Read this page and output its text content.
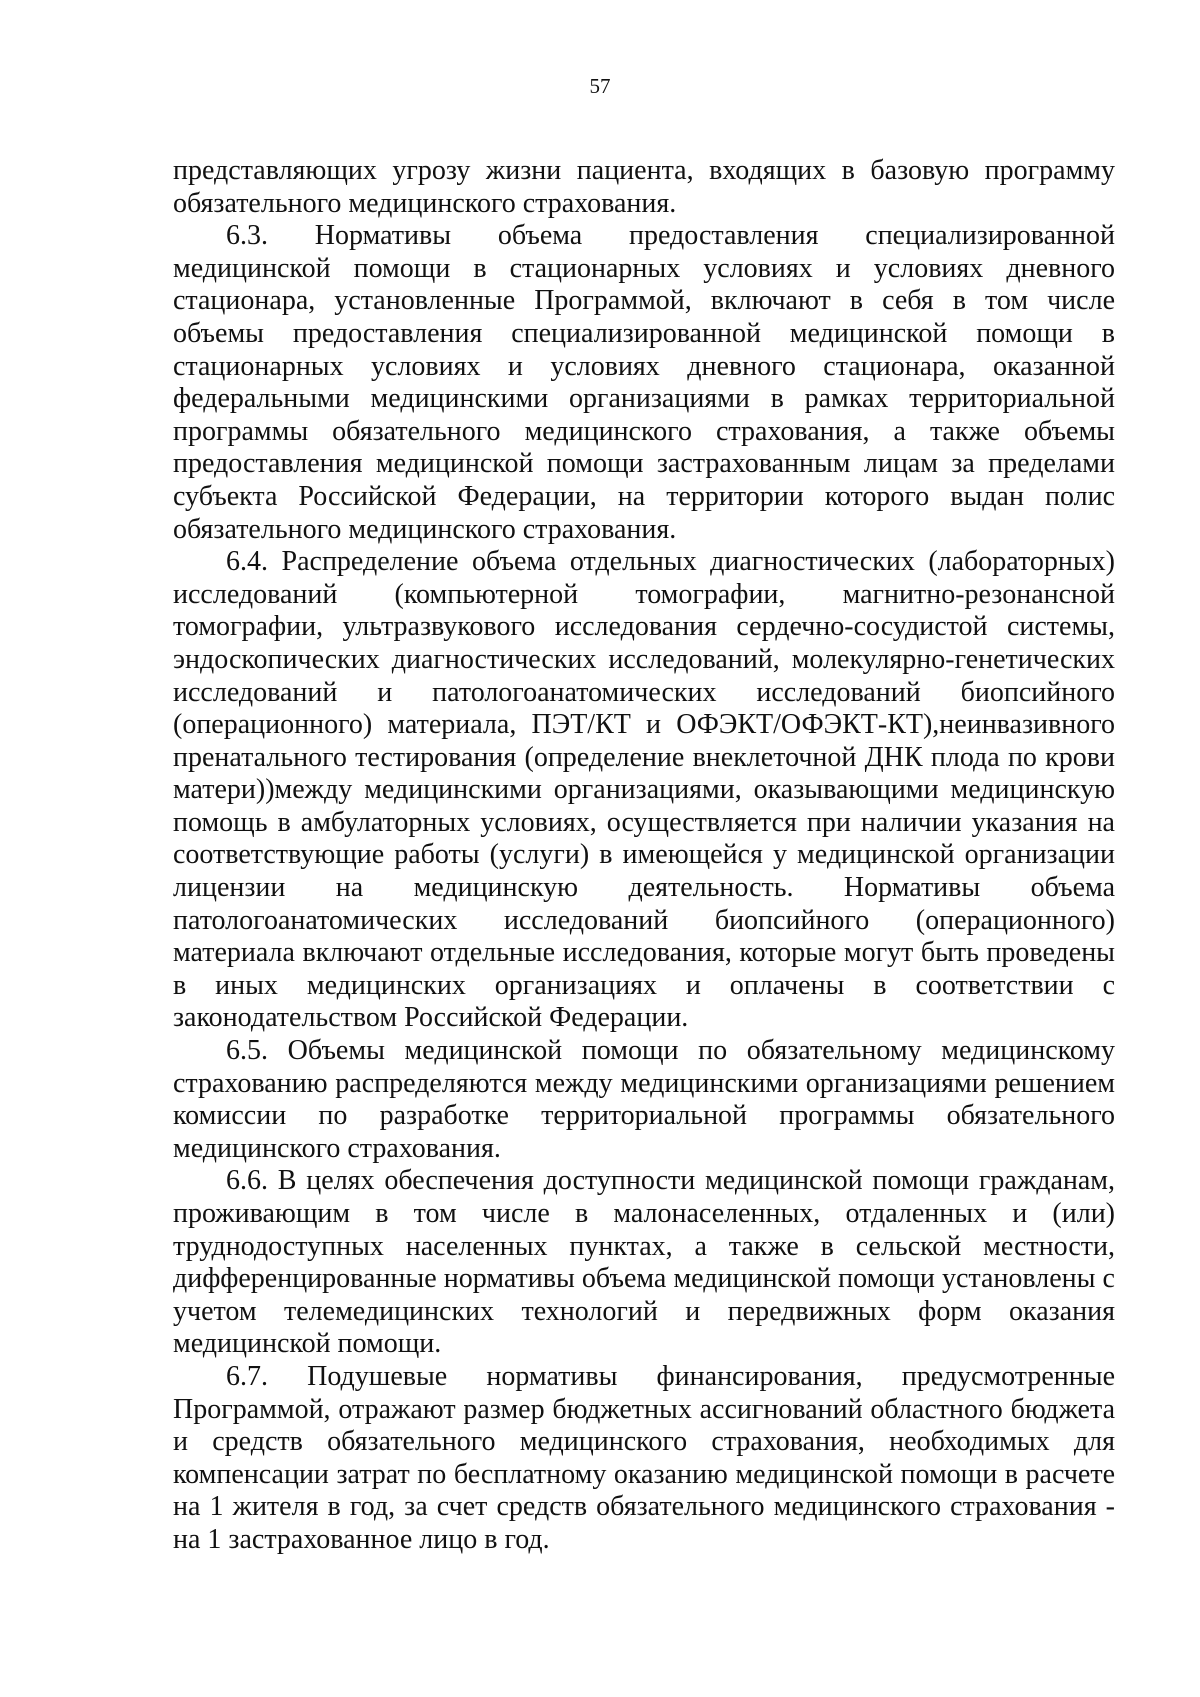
57

представляющих угрозу жизни пациента, входящих в базовую программу обязательного медицинского страхования.

6.3. Нормативы объема предоставления специализированной медицинской помощи в стационарных условиях и условиях дневного стационара, установленные Программой, включают в себя в том числе объемы предоставления специализированной медицинской помощи в стационарных условиях и условиях дневного стационара, оказанной федеральными медицинскими организациями в рамках территориальной программы обязательного медицинского страхования, а также объемы предоставления медицинской помощи застрахованным лицам за пределами субъекта Российской Федерации, на территории которого выдан полис обязательного медицинского страхования.

6.4. Распределение объема отдельных диагностических (лабораторных) исследований (компьютерной томографии, магнитно-резонансной томографии, ультразвукового исследования сердечно-сосудистой системы, эндоскопических диагностических исследований, молекулярно-генетических исследований и патологоанатомических исследований биопсийного (операционного) материала, ПЭТ/КТ и ОФЭКТ/ОФЭКТ-КТ),неинвазивного пренатального тестирования (определение внеклеточной ДНК плода по крови матери))между медицинскими организациями, оказывающими медицинскую помощь в амбулаторных условиях, осуществляется при наличии указания на соответствующие работы (услуги) в имеющейся у медицинской организации лицензии на медицинскую деятельность. Нормативы объема патологоанатомических исследований биопсийного (операционного) материала включают отдельные исследования, которые могут быть проведены в иных медицинских организациях и оплачены в соответствии с законодательством Российской Федерации.

6.5. Объемы медицинской помощи по обязательному медицинскому страхованию распределяются между медицинскими организациями решением комиссии по разработке территориальной программы обязательного медицинского страхования.

6.6. В целях обеспечения доступности медицинской помощи гражданам, проживающим в том числе в малонаселенных, отдаленных и (или) труднодоступных населенных пунктах, а также в сельской местности, дифференцированные нормативы объема медицинской помощи установлены с учетом телемедицинских технологий и передвижных форм оказания медицинской помощи.

6.7. Подушевые нормативы финансирования, предусмотренные Программой, отражают размер бюджетных ассигнований областного бюджета и средств обязательного медицинского страхования, необходимых для компенсации затрат по бесплатному оказанию медицинской помощи в расчете на 1 жителя в год, за счет средств обязательного медицинского страхования - на 1 застрахованное лицо в год.
